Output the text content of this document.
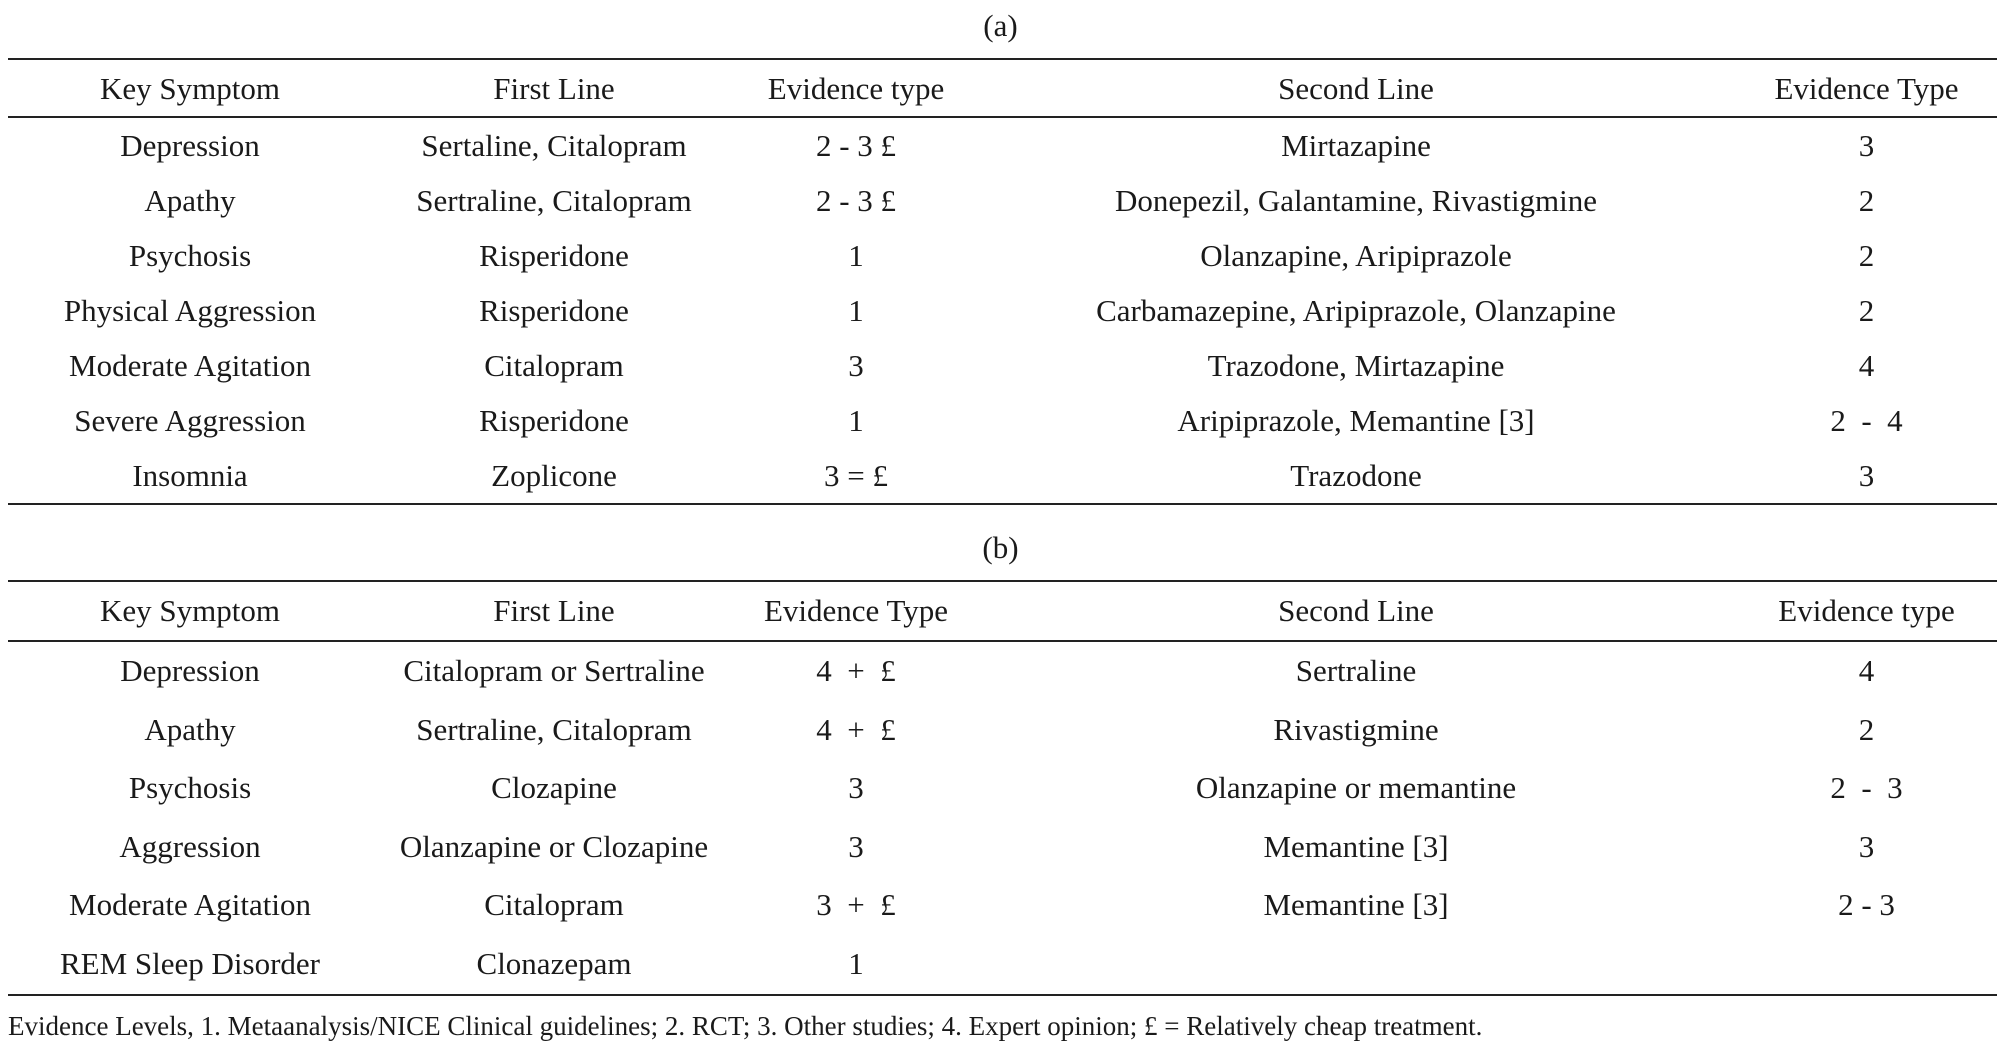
(a)
Key Symptom	First Line	Evidence type	Second Line	Evidence Type
Depression	Sertaline, Citalopram	2 - 3 £	Mirtazapine	3
Apathy	Sertraline, Citalopram	2 - 3 £	Donepezil, Galantamine, Rivastigmine	2
Psychosis	Risperidone	1	Olanzapine, Aripiprazole	2
Physical Aggression	Risperidone	1	Carbamazepine, Aripiprazole, Olanzapine	2
Moderate Agitation	Citalopram	3	Trazodone, Mirtazapine	4
Severe Aggression	Risperidone	1	Aripiprazole, Memantine [3]	2  -  4
Insomnia	Zoplicone	3 = £	Trazodone	3
(b)
Key Symptom	First Line	Evidence Type	Second Line	Evidence type
Depression	Citalopram or Sertraline	4  +  £	Sertraline	4
Apathy	Sertraline, Citalopram	4  +  £	Rivastigmine	2
Psychosis	Clozapine	3	Olanzapine or memantine	2  -  3
Aggression	Olanzapine or Clozapine	3	Memantine [3]	3
Moderate Agitation	Citalopram	3  +  £	Memantine [3]	2 - 3
REM Sleep Disorder	Clonazepam	1		
Evidence Levels, 1. Metaanalysis/NICE Clinical guidelines; 2. RCT; 3. Other studies; 4. Expert opinion; £ = Relatively cheap treatment.
